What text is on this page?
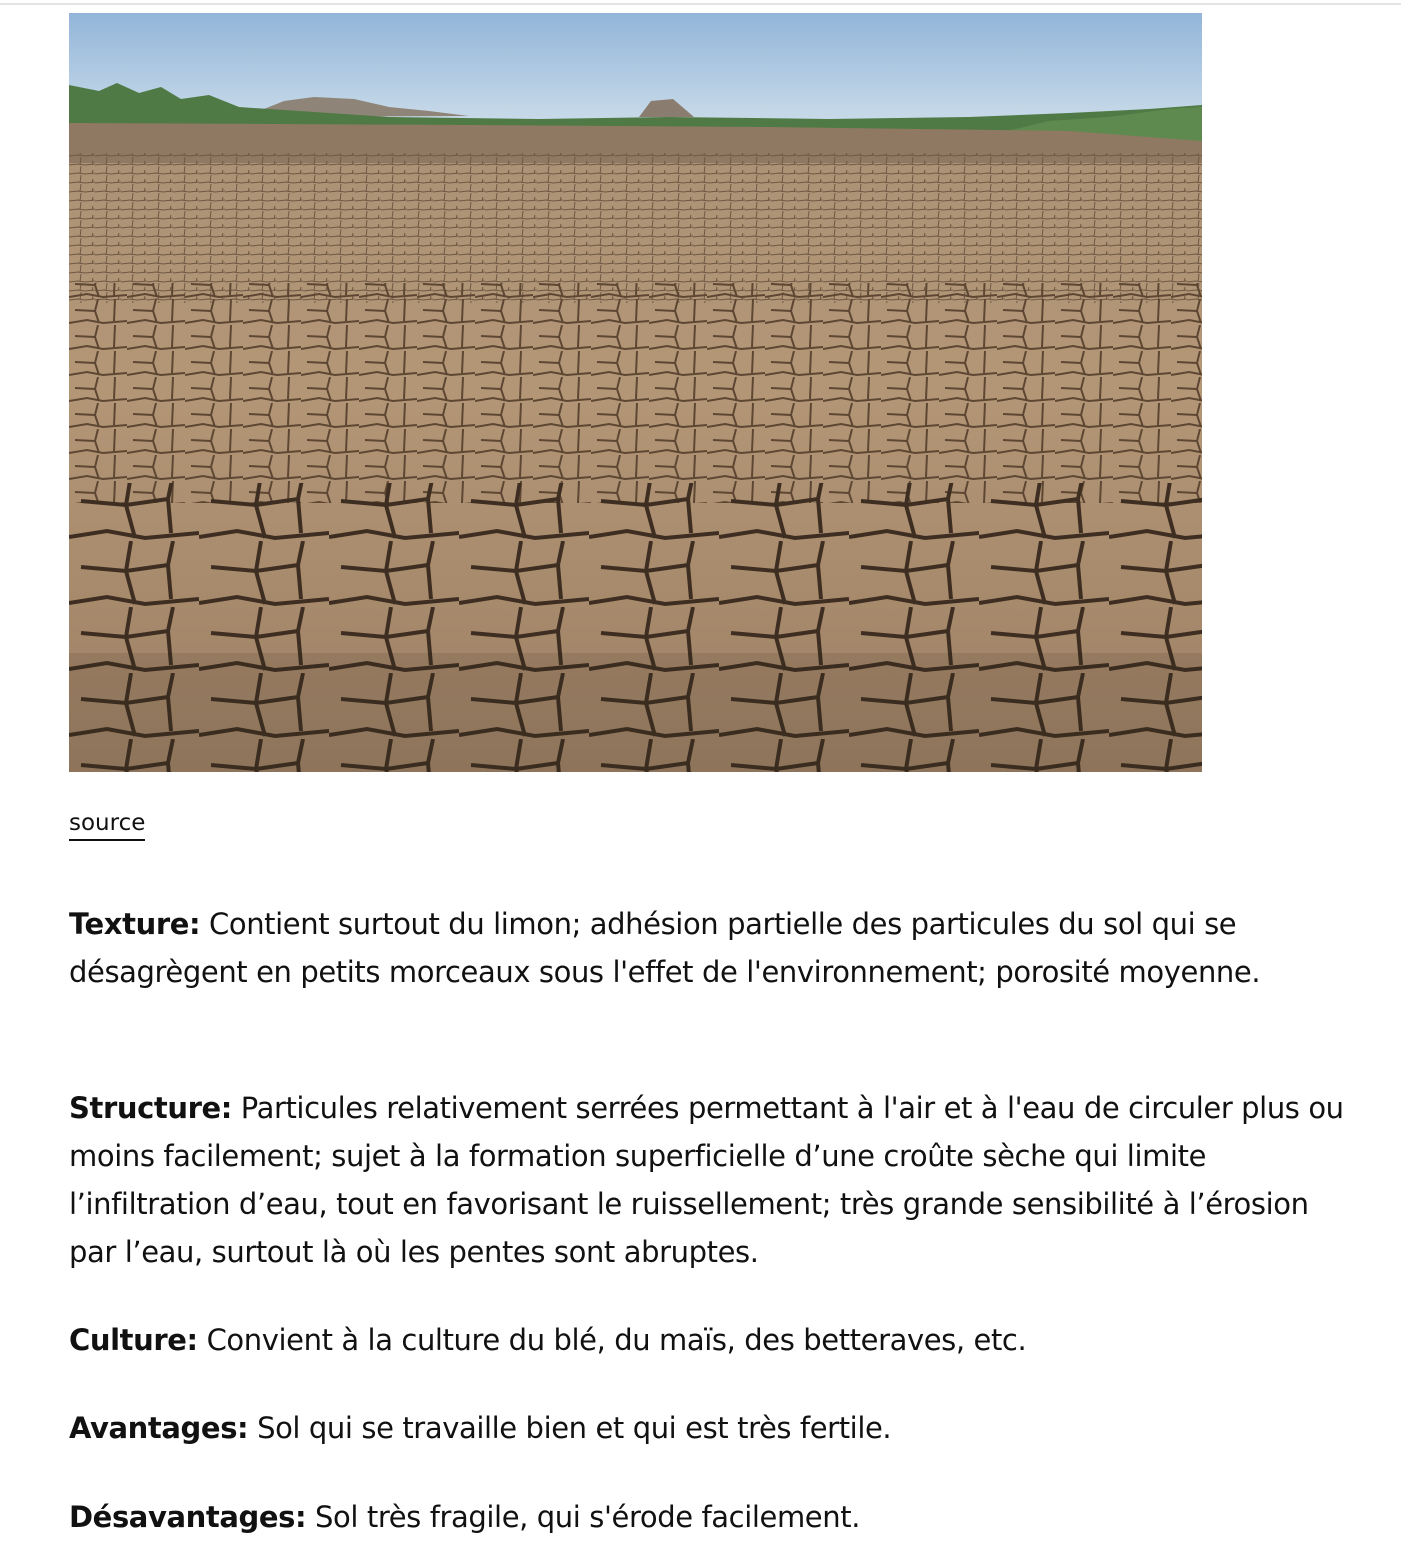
source

Texture: Contient surtout du limon; adhésion partielle des particules du sol qui se désagrègent en petits morceaux sous l'effet de l'environnement; porosité moyenne.

Structure: Particules relativement serrées permettant à l'air et à l'eau de circuler plus ou moins facilement; sujet à la formation superficielle d’une croûte sèche qui limite l’infiltration d’eau, tout en favorisant le ruissellement; très grande sensibilité à l’érosion par l’eau, surtout là où les pentes sont abruptes.

Culture: Convient à la culture du blé, du maïs, des betteraves, etc.

Avantages: Sol qui se travaille bien et qui est très fertile.

Désavantages: Sol très fragile, qui s'érode facilement.
